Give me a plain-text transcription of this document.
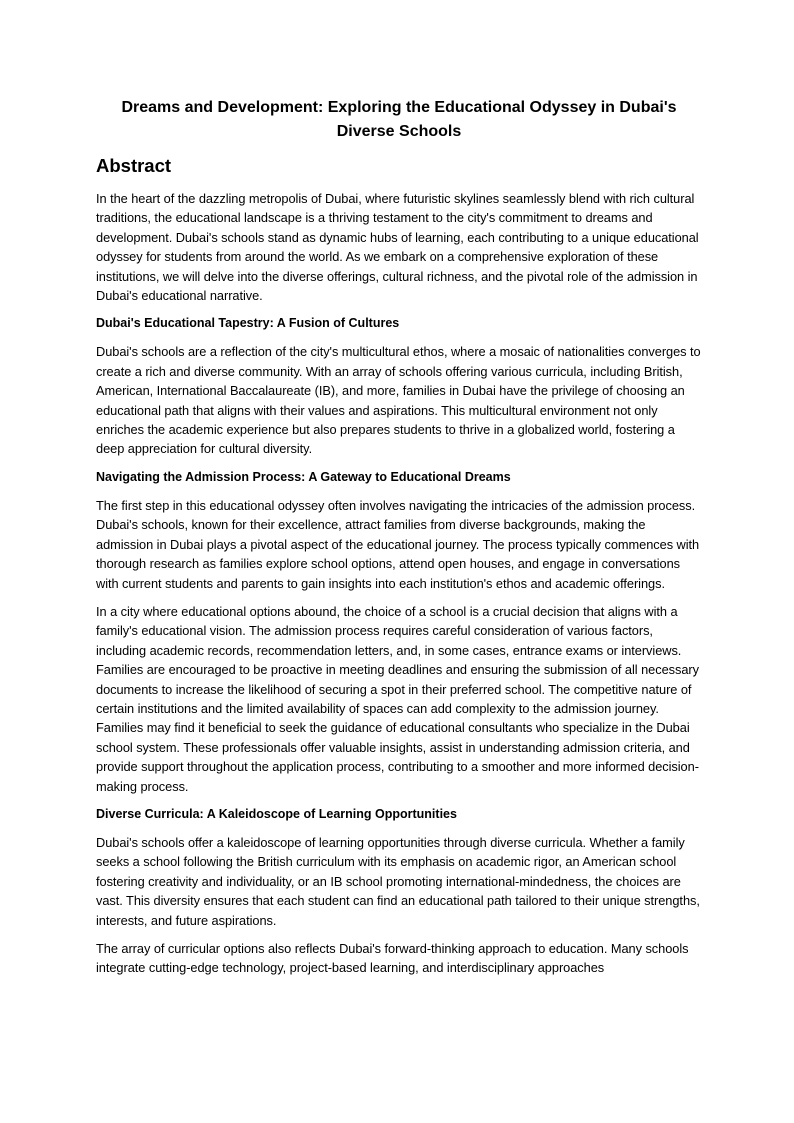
Dreams and Development: Exploring the Educational Odyssey in Dubai's Diverse Schools
Abstract

In the heart of the dazzling metropolis of Dubai, where futuristic skylines seamlessly blend with rich cultural traditions, the educational landscape is a thriving testament to the city's commitment to dreams and development. Dubai's schools stand as dynamic hubs of learning, each contributing to a unique educational odyssey for students from around the world. As we embark on a comprehensive exploration of these institutions, we will delve into the diverse offerings, cultural richness, and the pivotal role of the admission in Dubai's educational narrative.

Dubai's Educational Tapestry: A Fusion of Cultures

Dubai's schools are a reflection of the city's multicultural ethos, where a mosaic of nationalities converges to create a rich and diverse community. With an array of schools offering various curricula, including British, American, International Baccalaureate (IB), and more, families in Dubai have the privilege of choosing an educational path that aligns with their values and aspirations. This multicultural environment not only enriches the academic experience but also prepares students to thrive in a globalized world, fostering a deep appreciation for cultural diversity.

Navigating the Admission Process: A Gateway to Educational Dreams

The first step in this educational odyssey often involves navigating the intricacies of the admission process. Dubai's schools, known for their excellence, attract families from diverse backgrounds, making the admission in Dubai plays a pivotal aspect of the educational journey. The process typically commences with thorough research as families explore school options, attend open houses, and engage in conversations with current students and parents to gain insights into each institution's ethos and academic offerings.

In a city where educational options abound, the choice of a school is a crucial decision that aligns with a family's educational vision. The admission process requires careful consideration of various factors, including academic records, recommendation letters, and, in some cases, entrance exams or interviews. Families are encouraged to be proactive in meeting deadlines and ensuring the submission of all necessary documents to increase the likelihood of securing a spot in their preferred school. The competitive nature of certain institutions and the limited availability of spaces can add complexity to the admission journey. Families may find it beneficial to seek the guidance of educational consultants who specialize in the Dubai school system. These professionals offer valuable insights, assist in understanding admission criteria, and provide support throughout the application process, contributing to a smoother and more informed decision-making process.

Diverse Curricula: A Kaleidoscope of Learning Opportunities

Dubai's schools offer a kaleidoscope of learning opportunities through diverse curricula. Whether a family seeks a school following the British curriculum with its emphasis on academic rigor, an American school fostering creativity and individuality, or an IB school promoting international-mindedness, the choices are vast. This diversity ensures that each student can find an educational path tailored to their unique strengths, interests, and future aspirations.

The array of curricular options also reflects Dubai's forward-thinking approach to education. Many schools integrate cutting-edge technology, project-based learning, and interdisciplinary approaches
